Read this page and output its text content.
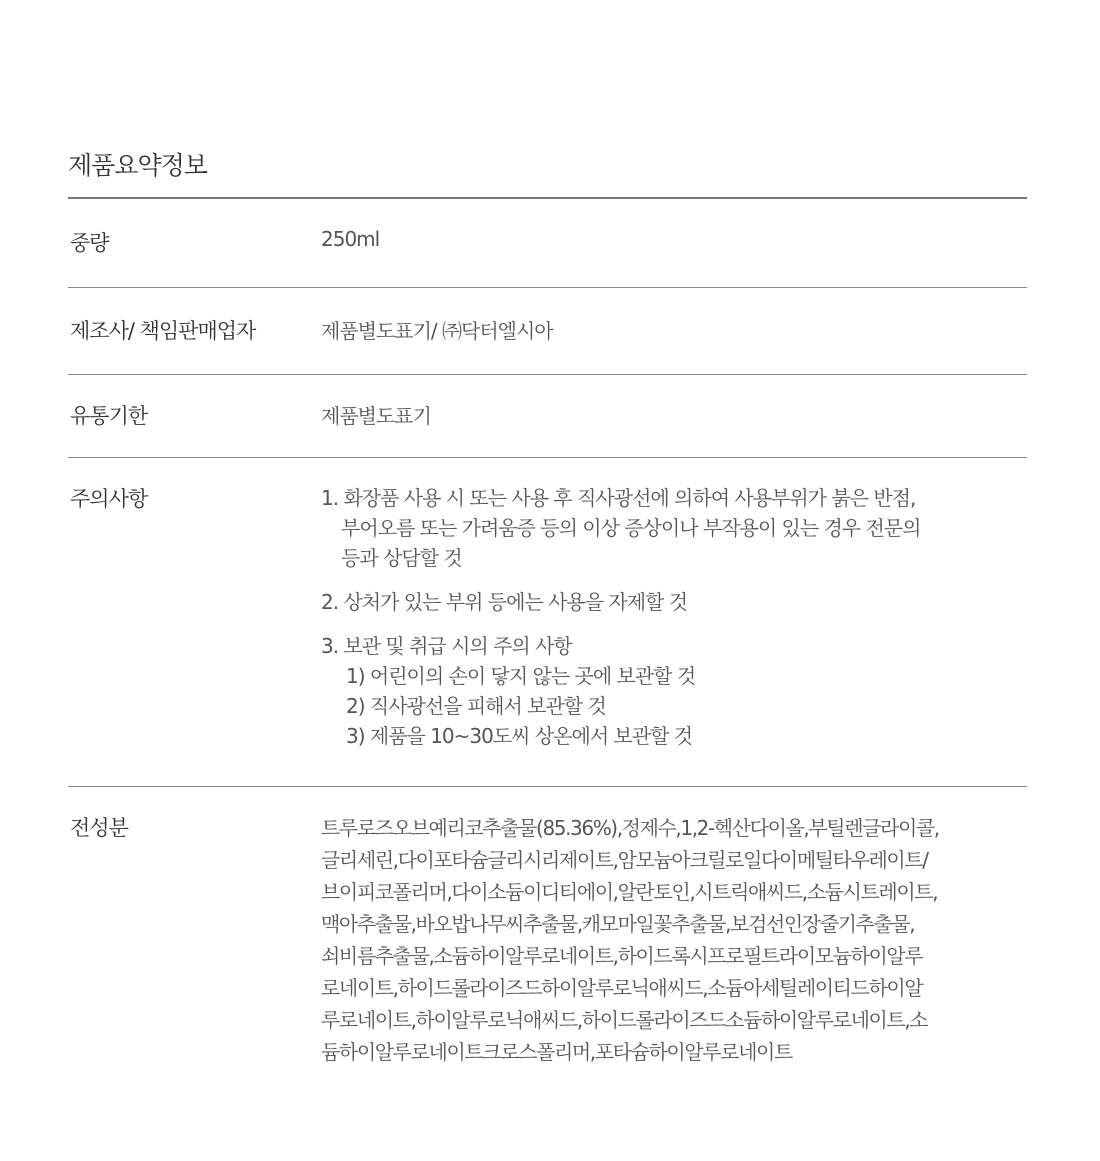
제품요약정보
중량	250ml
제조사/ 책임판매업자	제품별도표기/ ㈜닥터엘시아
유통기한	제품별도표기
주의사항	1. 화장품 사용 시 또는 사용 후 직사광선에 의하여 사용부위가 붉은 반점,
부어오름 또는 가려움증 등의 이상 증상이나 부작용이 있는 경우 전문의
등과 상담할 것
2. 상처가 있는 부위 등에는 사용을 자제할 것
3. 보관 및 취급 시의 주의 사항
1) 어린이의 손이 닿지 않는 곳에 보관할 것
2) 직사광선을 피해서 보관할 것
3) 제품을 10~30도씨 상온에서 보관할 것
전성분	트루로즈오브예리코추출물(85.36%),정제수,1,2-헥산다이올,부틸렌글라이콜,
글리세린,다이포타슘글리시리제이트,암모늄아크릴로일다이메틸타우레이트/
브이피코폴리머,다이소듐이디티에이,알란토인,시트릭애씨드,소듐시트레이트,
맥아추출물,바오밥나무씨추출물,캐모마일꽃추출물,보검선인장줄기추출물,
쇠비름추출물,소듐하이알루로네이트,하이드록시프로필트라이모늄하이알루
로네이트,하이드롤라이즈드하이알루로닉애씨드,소듐아세틸레이티드하이알
루로네이트,하이알루로닉애씨드,하이드롤라이즈드소듐하이알루로네이트,소
듐하이알루로네이트크로스폴리머,포타슘하이알루로네이트
